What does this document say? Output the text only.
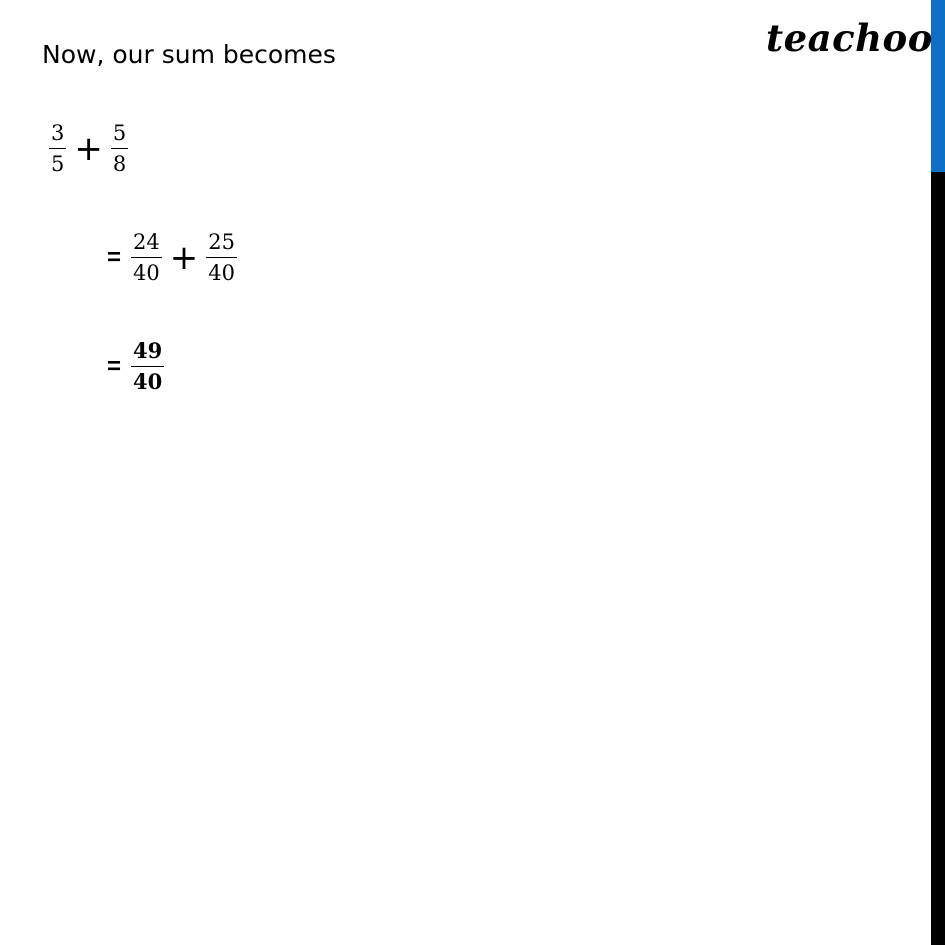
teachoo
Now, our sum becomes
$\frac{3}{5} + \frac{5}{8}$
= $\frac{24}{40} + \frac{25}{40}$
= $\frac{49}{40}$
